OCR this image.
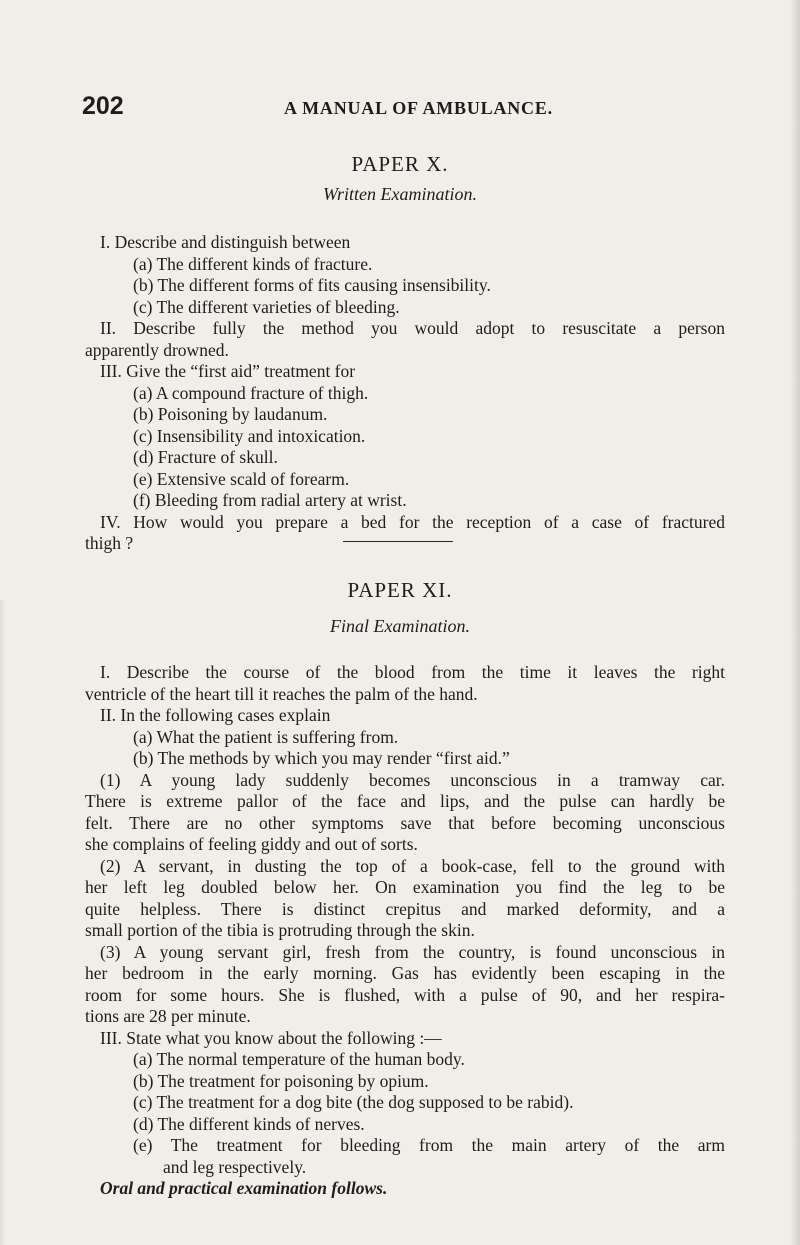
202	A MANUAL OF AMBULANCE.
PAPER X.
Written Examination.
I. Describe and distinguish between
(a) The different kinds of fracture.
(b) The different forms of fits causing insensibility.
(c) The different varieties of bleeding.
II. Describe fully the method you would adopt to resuscitate a person
apparently drowned.
III. Give the “first aid” treatment for
(a) A compound fracture of thigh.
(b) Poisoning by laudanum.
(c) Insensibility and intoxication.
(d) Fracture of skull.
(e) Extensive scald of forearm.
(f) Bleeding from radial artery at wrist.
IV. How would you prepare a bed for the reception of a case of fractured
thigh ?
PAPER XI.
Final Examination.
I. Describe the course of the blood from the time it leaves the right
ventricle of the heart till it reaches the palm of the hand.
II. In the following cases explain
(a) What the patient is suffering from.
(b) The methods by which you may render “first aid.”
(1) A young lady suddenly becomes unconscious in a tramway car.
There is extreme pallor of the face and lips, and the pulse can hardly be
felt. There are no other symptoms save that before becoming unconscious
she complains of feeling giddy and out of sorts.
(2) A servant, in dusting the top of a book-case, fell to the ground with
her left leg doubled below her. On examination you find the leg to be
quite helpless. There is distinct crepitus and marked deformity, and a
small portion of the tibia is protruding through the skin.
(3) A young servant girl, fresh from the country, is found unconscious in
her bedroom in the early morning. Gas has evidently been escaping in the
room for some hours. She is flushed, with a pulse of 90, and her respira-
tions are 28 per minute.
III. State what you know about the following :—
(a) The normal temperature of the human body.
(b) The treatment for poisoning by opium.
(c) The treatment for a dog bite (the dog supposed to be rabid).
(d) The different kinds of nerves.
(e) The treatment for bleeding from the main artery of the arm
and leg respectively.
Oral and practical examination follows.
